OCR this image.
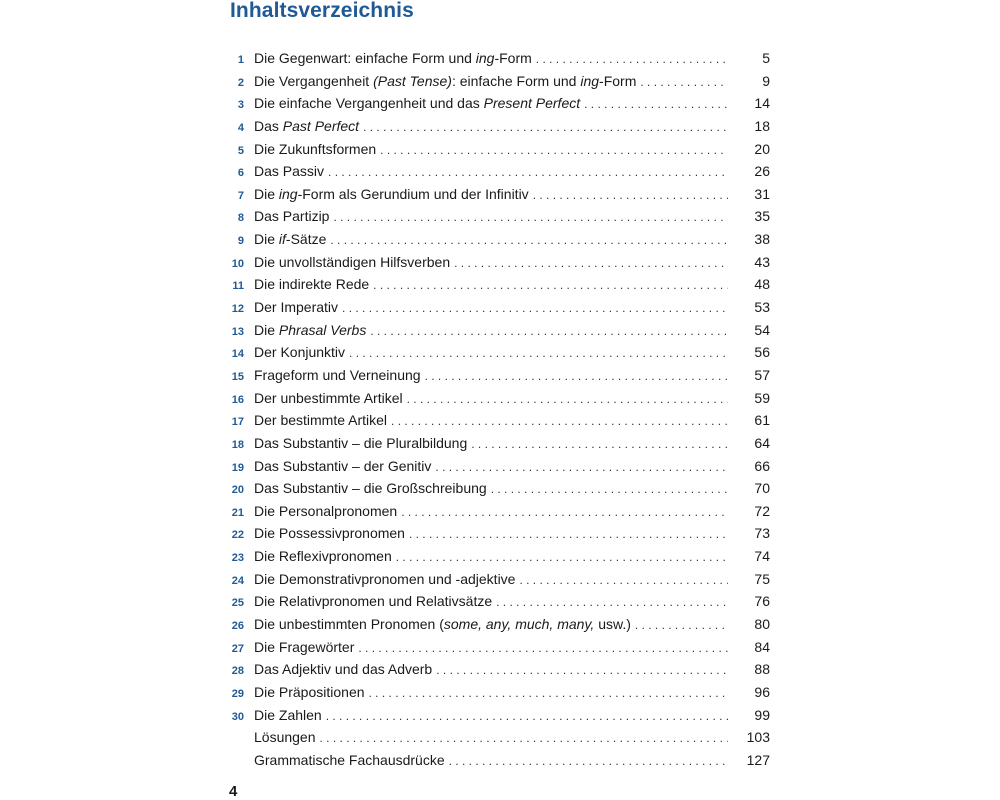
Inhaltsverzeichnis
1 Die Gegenwart: einfache Form und ing-Form . . .	5
2 Die Vergangenheit (Past Tense): einfache Form und ing-Form . . .	9
3 Die einfache Vergangenheit und das Present Perfect . . .	14
4 Das Past Perfect . . .	18
5 Die Zukunftsformen . . .	20
6 Das Passiv . . .	26
7 Die ing-Form als Gerundium und der Infinitiv . . .	31
8 Das Partizip . . .	35
9 Die if-Sätze . . .	38
10 Die unvollständigen Hilfsverben . . .	43
11 Die indirekte Rede . . .	48
12 Der Imperativ . . .	53
13 Die Phrasal Verbs . . .	54
14 Der Konjunktiv . . .	56
15 Frageform und Verneinung . . .	57
16 Der unbestimmte Artikel . . .	59
17 Der bestimmte Artikel . . .	61
18 Das Substantiv – die Pluralbildung . . .	64
19 Das Substantiv – der Genitiv . . .	66
20 Das Substantiv – die Großschreibung . . .	70
21 Die Personalpronomen . . .	72
22 Die Possessivpronomen . . .	73
23 Die Reflexivpronomen . . .	74
24 Die Demonstrativpronomen und -adjektive . . .	75
25 Die Relativpronomen und Relativsätze . . .	76
26 Die unbestimmten Pronomen (some, any, much, many, usw.) . . .	80
27 Die Fragewörter . . .	84
28 Das Adjektiv und das Adverb . . .	88
29 Die Präpositionen . . .	96
30 Die Zahlen . . .	99
Lösungen . . .	103
Grammatische Fachausdrücke . . .	127
4
